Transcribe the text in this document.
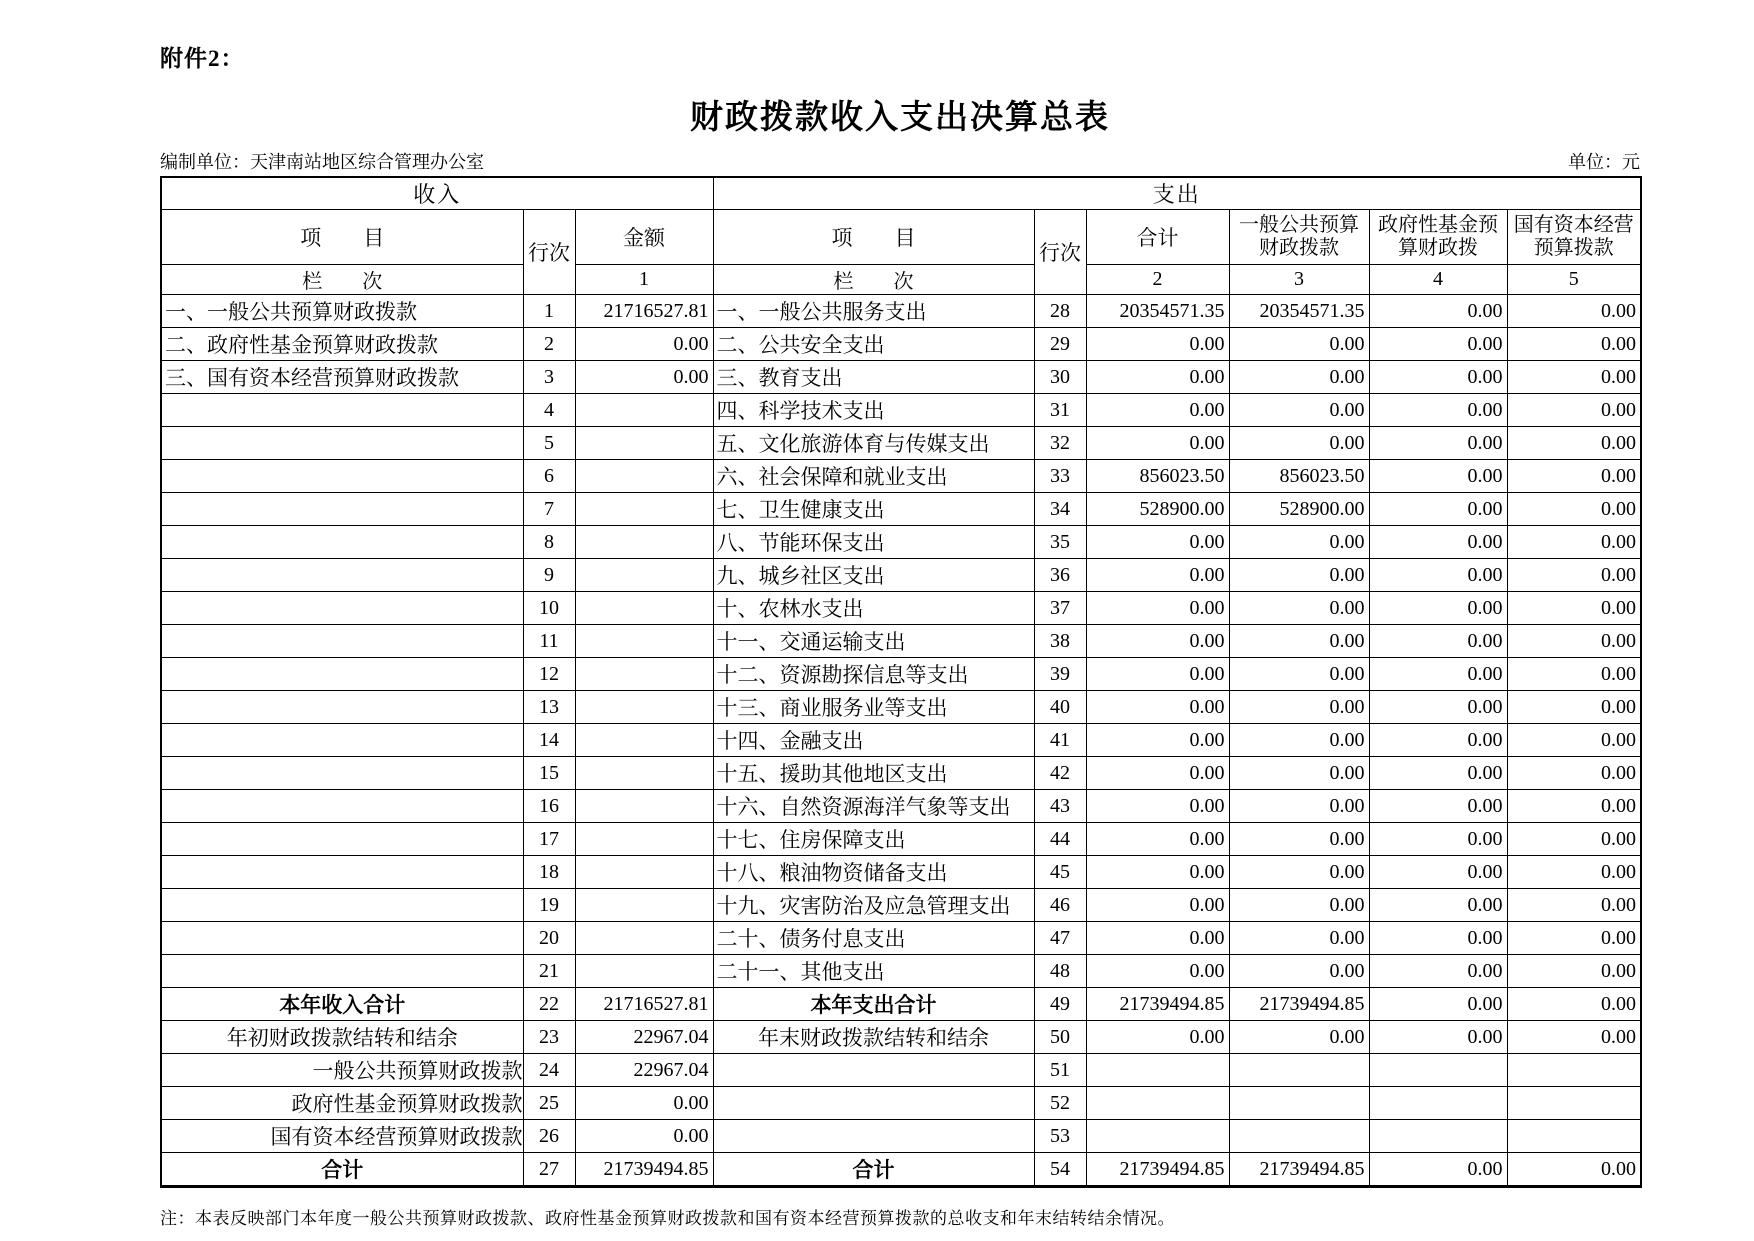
附件2：
财政拨款收入支出决算总表
编制单位：天津南站地区综合管理办公室	单位：元
收入			支出					
项　　目	行次	金额	项　　目	行次	合计	一般公共预算财政拨款	政府性基金预算财政拨	国有资本经营预算拨款
栏　　次		1	栏　　次		2	3	4	5
一、一般公共预算财政拨款	1	21716527.81	一、一般公共服务支出	28	20354571.35	20354571.35	0.00	0.00
二、政府性基金预算财政拨款	2	0.00	二、公共安全支出	29	0.00	0.00	0.00	0.00
三、国有资本经营预算财政拨款	3	0.00	三、教育支出	30	0.00	0.00	0.00	0.00
	4		四、科学技术支出	31	0.00	0.00	0.00	0.00
	5		五、文化旅游体育与传媒支出	32	0.00	0.00	0.00	0.00
	6		六、社会保障和就业支出	33	856023.50	856023.50	0.00	0.00
	7		七、卫生健康支出	34	528900.00	528900.00	0.00	0.00
	8		八、节能环保支出	35	0.00	0.00	0.00	0.00
	9		九、城乡社区支出	36	0.00	0.00	0.00	0.00
	10		十、农林水支出	37	0.00	0.00	0.00	0.00
	11		十一、交通运输支出	38	0.00	0.00	0.00	0.00
	12		十二、资源勘探信息等支出	39	0.00	0.00	0.00	0.00
	13		十三、商业服务业等支出	40	0.00	0.00	0.00	0.00
	14		十四、金融支出	41	0.00	0.00	0.00	0.00
	15		十五、援助其他地区支出	42	0.00	0.00	0.00	0.00
	16		十六、自然资源海洋气象等支出	43	0.00	0.00	0.00	0.00
	17		十七、住房保障支出	44	0.00	0.00	0.00	0.00
	18		十八、粮油物资储备支出	45	0.00	0.00	0.00	0.00
	19		十九、灾害防治及应急管理支出	46	0.00	0.00	0.00	0.00
	20		二十、债务付息支出	47	0.00	0.00	0.00	0.00
	21		二十一、其他支出	48	0.00	0.00	0.00	0.00
本年收入合计	22	21716527.81	本年支出合计	49	21739494.85	21739494.85	0.00	0.00
年初财政拨款结转和结余	23	22967.04	年末财政拨款结转和结余	50	0.00	0.00	0.00	0.00
一般公共预算财政拨款	24	22967.04		51				
政府性基金预算财政拨款	25	0.00		52				
国有资本经营预算财政拨款	26	0.00		53				
合计	27	21739494.85	合计	54	21739494.85	21739494.85	0.00	0.00
注：本表反映部门本年度一般公共预算财政拨款、政府性基金预算财政拨款和国有资本经营预算拨款的总收支和年末结转结余情况。
